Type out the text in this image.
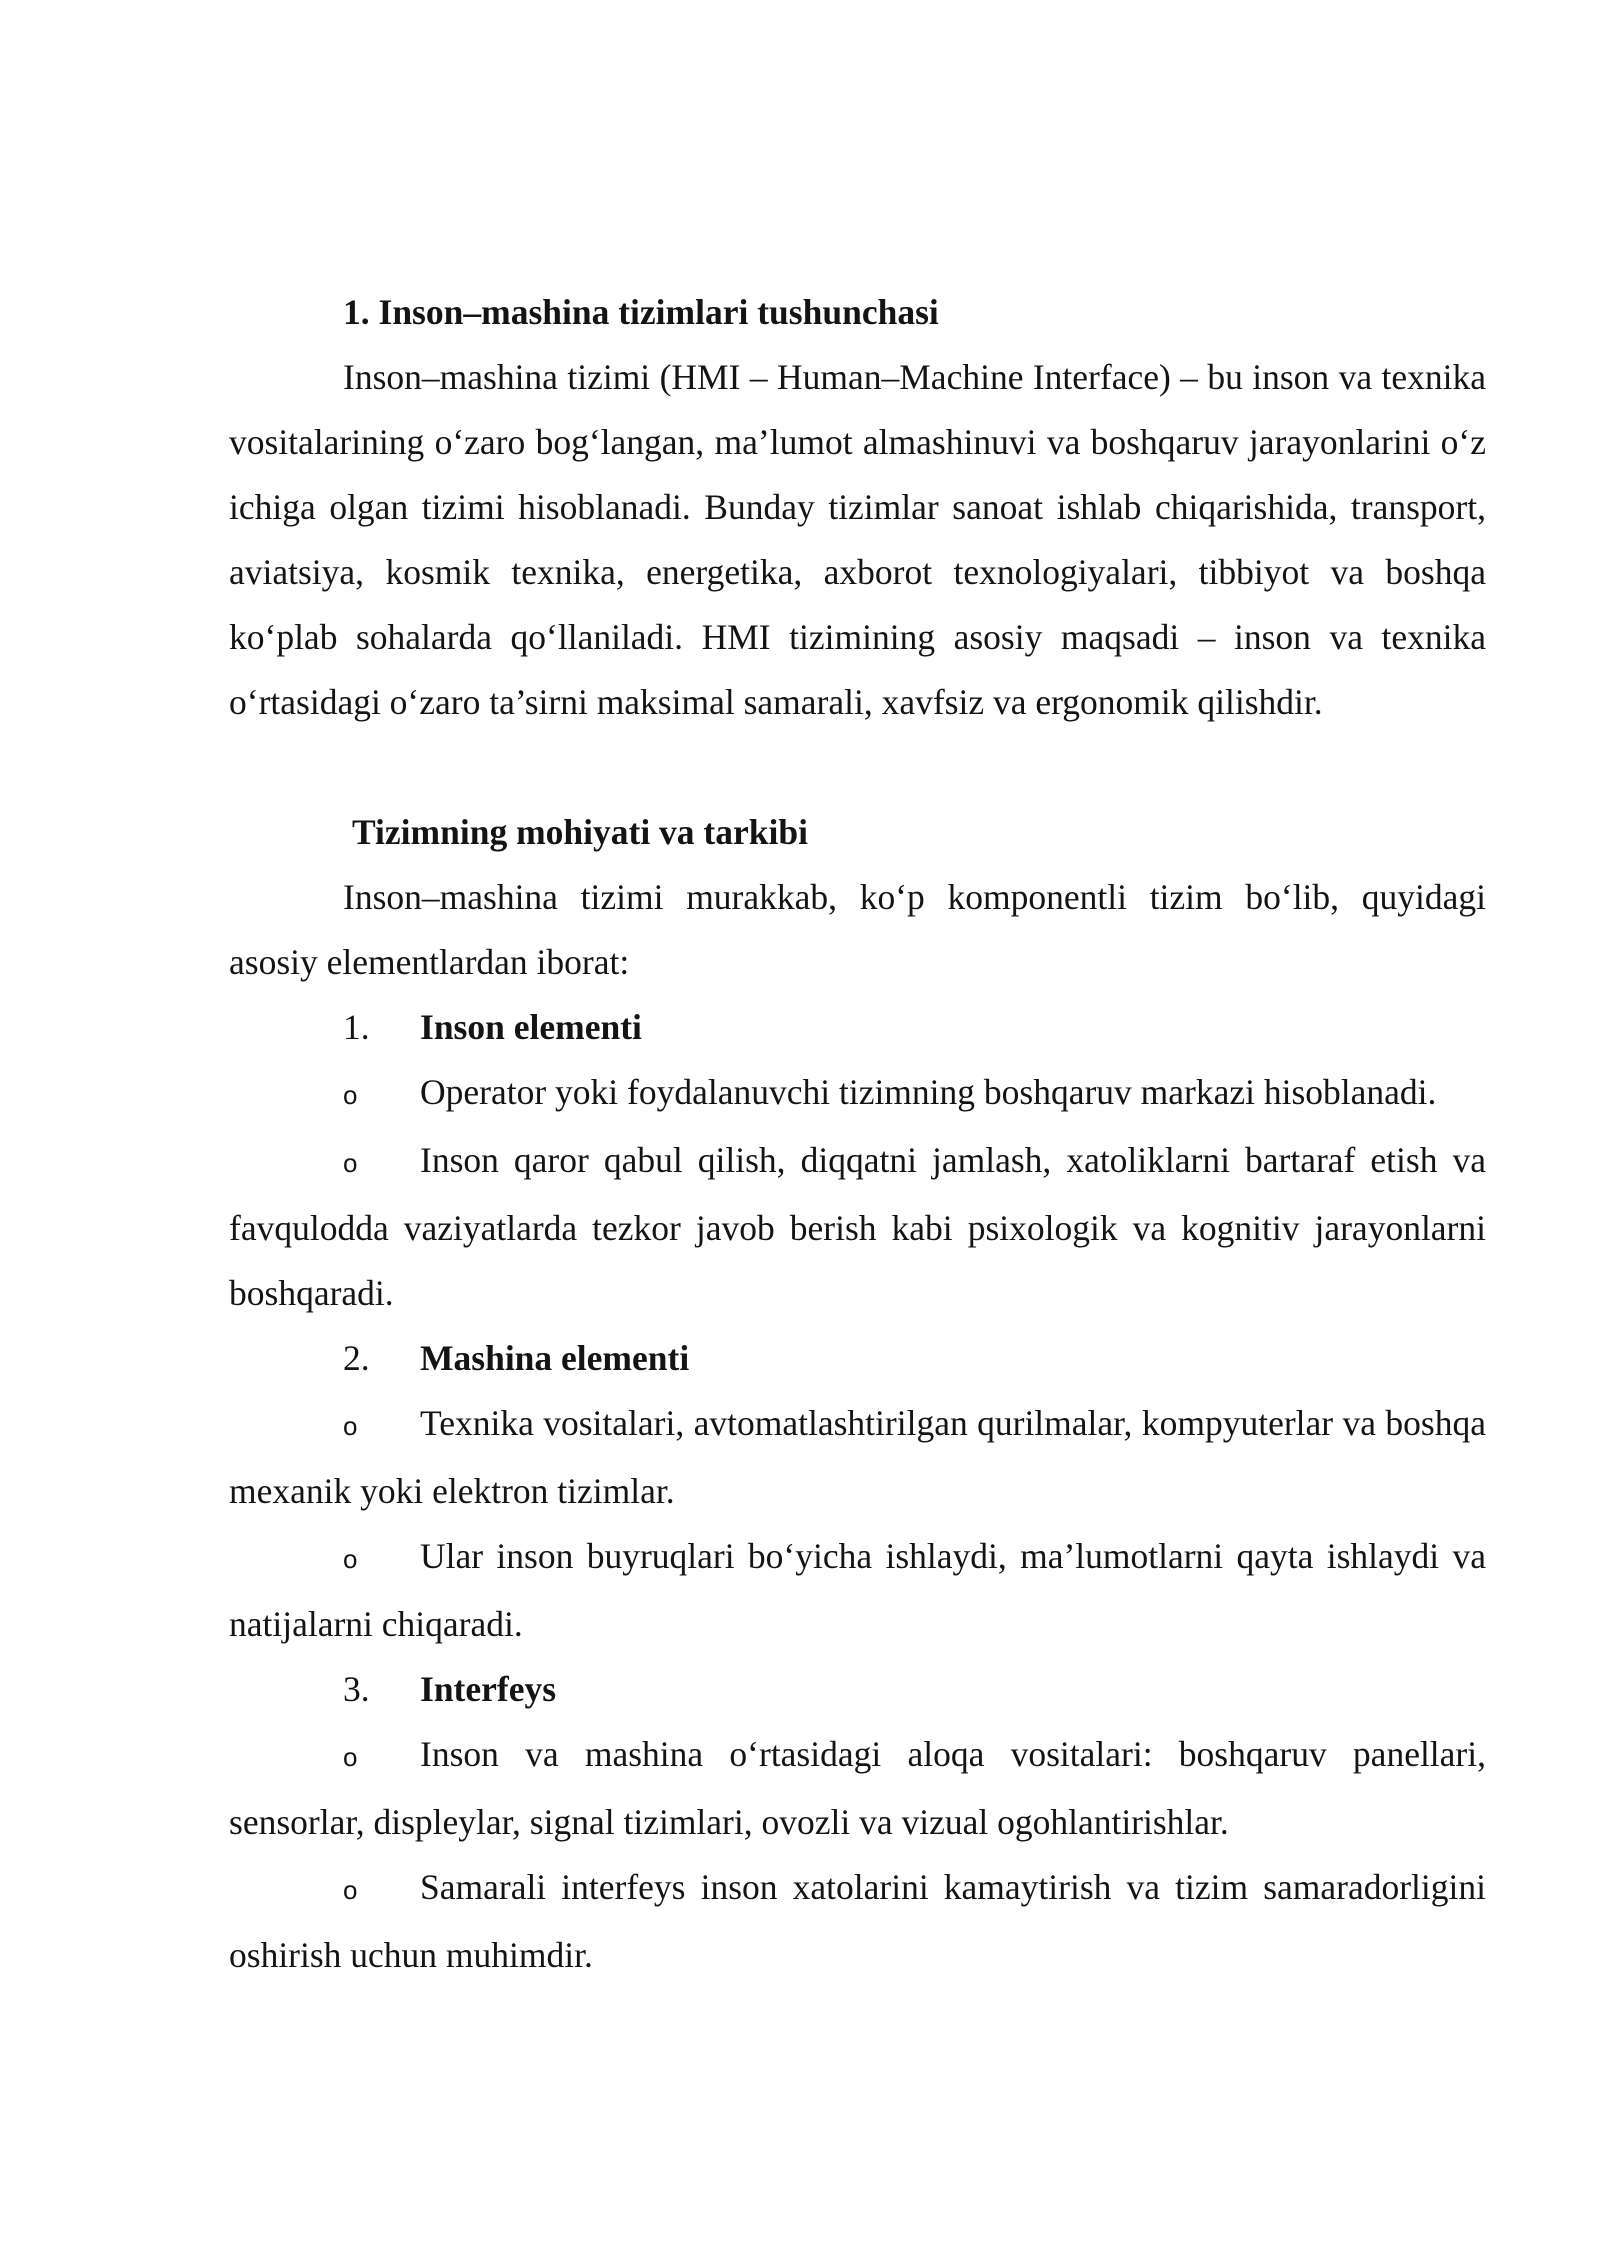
1. Inson–mashina tizimlari tushunchasi

Inson–mashina tizimi (HMI – Human–Machine Interface) – bu inson va texnika vositalarining o‘zaro bog‘langan, ma’lumot almashinuvi va boshqaruv jarayonlarini o‘z ichiga olgan tizimi hisoblanadi. Bunday tizimlar sanoat ishlab chiqarishida, transport, aviatsiya, kosmik texnika, energetika, axborot texnologiyalari, tibbiyot va boshqa ko‘plab sohalarda qo‘llaniladi. HMI tizimining asosiy maqsadi – inson va texnika o‘rtasidagi o‘zaro ta’sirni maksimal samarali, xavfsiz va ergonomik qilishdir.

Tizimning mohiyati va tarkibi

Inson–mashina tizimi murakkab, ko‘p komponentli tizim bo‘lib, quyidagi asosiy elementlardan iborat:

1. Inson elementi

o Operator yoki foydalanuvchi tizimning boshqaruv markazi hisoblanadi.

o Inson qaror qabul qilish, diqqatni jamlash, xatoliklarni bartaraf etish va favqulodda vaziyatlarda tezkor javob berish kabi psixologik va kognitiv jarayonlarni boshqaradi.

2. Mashina elementi

o Texnika vositalari, avtomatlashtirilgan qurilmalar, kompyuterlar va boshqa mexanik yoki elektron tizimlar.

o Ular inson buyruqlari bo‘yicha ishlaydi, ma’lumotlarni qayta ishlaydi va natijalarni chiqaradi.

3. Interfeys

o Inson va mashina o‘rtasidagi aloqa vositalari: boshqaruv panellari, sensorlar, displeylar, signal tizimlari, ovozli va vizual ogohlantirishlar.

o Samarali interfeys inson xatolarini kamaytirish va tizim samaradorligini oshirish uchun muhimdir.
